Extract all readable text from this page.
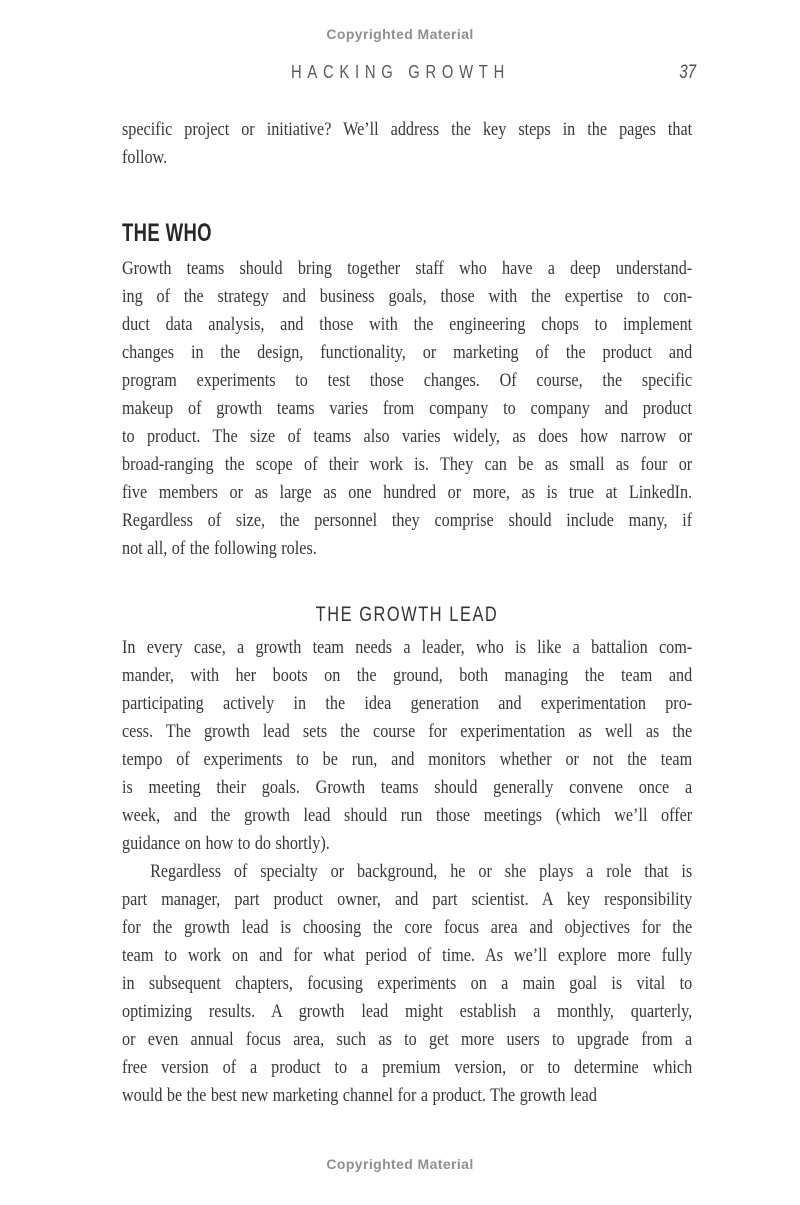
Copyrighted Material
HACKING GROWTH	37
specific project or initiative? We’ll address the key steps in the pages that
follow.
THE WHO
Growth teams should bring together staff who have a deep understand-
ing of the strategy and business goals, those with the expertise to con-
duct data analysis, and those with the engineering chops to implement
changes in the design, functionality, or marketing of the product and
program experiments to test those changes. Of course, the specific
makeup of growth teams varies from company to company and product
to product. The size of teams also varies widely, as does how narrow or
broad-ranging the scope of their work is. They can be as small as four or
five members or as large as one hundred or more, as is true at LinkedIn.
Regardless of size, the personnel they comprise should include many, if
not all, of the following roles.
THE GROWTH LEAD
In every case, a growth team needs a leader, who is like a battalion com-
mander, with her boots on the ground, both managing the team and
participating actively in the idea generation and experimentation pro-
cess. The growth lead sets the course for experimentation as well as the
tempo of experiments to be run, and monitors whether or not the team
is meeting their goals. Growth teams should generally convene once a
week, and the growth lead should run those meetings (which we’ll offer
guidance on how to do shortly).
Regardless of specialty or background, he or she plays a role that is
part manager, part product owner, and part scientist. A key responsibility
for the growth lead is choosing the core focus area and objectives for the
team to work on and for what period of time. As we’ll explore more fully
in subsequent chapters, focusing experiments on a main goal is vital to
optimizing results. A growth lead might establish a monthly, quarterly,
or even annual focus area, such as to get more users to upgrade from a
free version of a product to a premium version, or to determine which
would be the best new marketing channel for a product. The growth lead
Copyrighted Material
